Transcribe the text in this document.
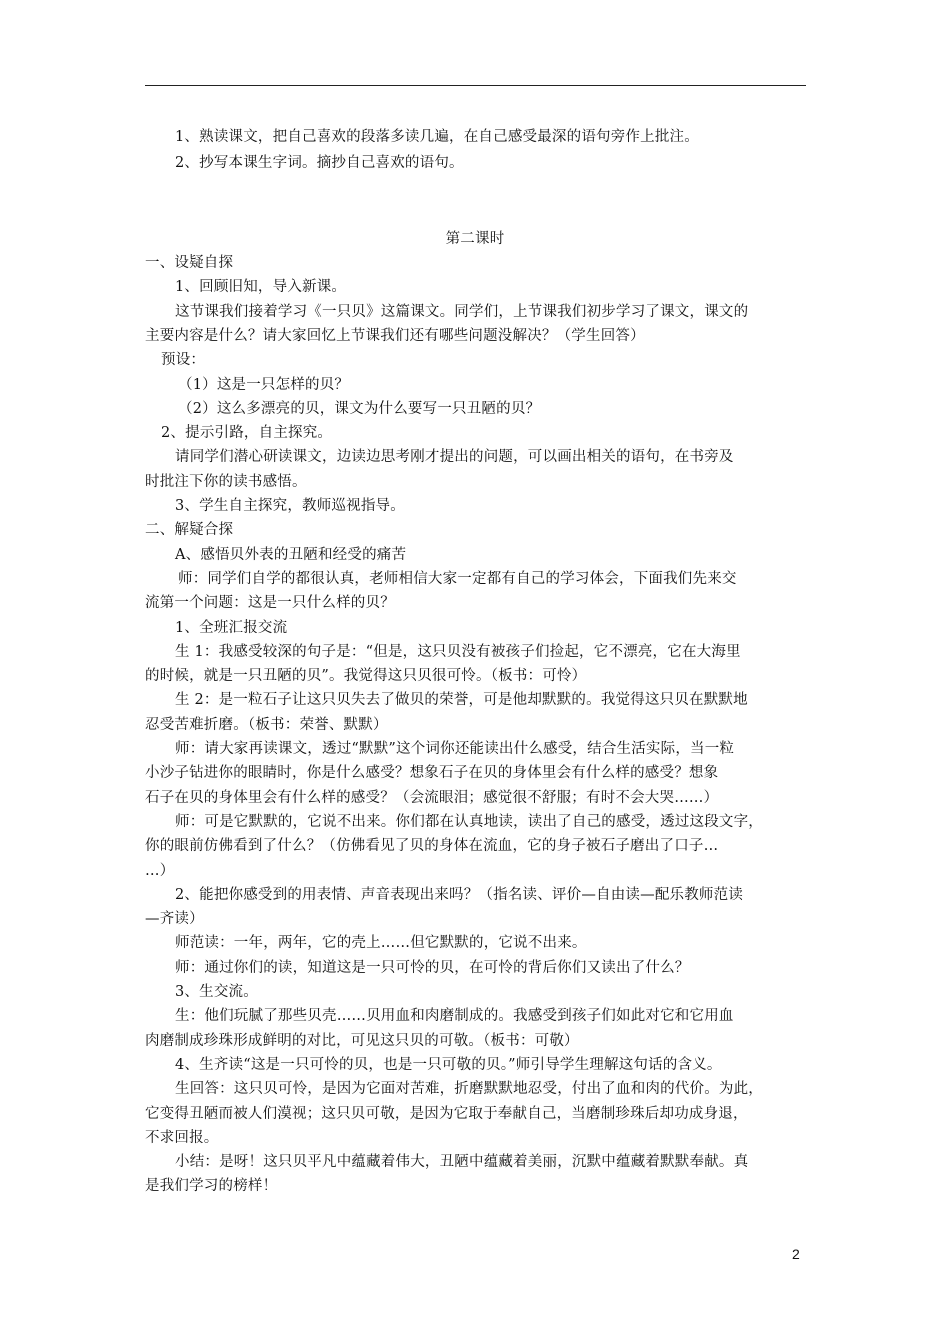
1、熟读课文，把自己喜欢的段落多读几遍，在自己感受最深的语句旁作上批注。
2、抄写本课生字词。摘抄自己喜欢的语句。
第二课时
一、设疑自探
1、回顾旧知，导入新课。
这节课我们接着学习《一只贝》这篇课文。同学们，上节课我们初步学习了课文，课文的
主要内容是什么？请大家回忆上节课我们还有哪些问题没解决？（学生回答）
预设：
（1）这是一只怎样的贝？
（2）这么多漂亮的贝，课文为什么要写一只丑陋的贝？
2、提示引路，自主探究。
请同学们潜心研读课文，边读边思考刚才提出的问题，可以画出相关的语句，在书旁及
时批注下你的读书感悟。
3、学生自主探究，教师巡视指导。
二、解疑合探
A、感悟贝外表的丑陋和经受的痛苦
师：同学们自学的都很认真，老师相信大家一定都有自己的学习体会，下面我们先来交
流第一个问题：这是一只什么样的贝？
1、全班汇报交流
生 1：我感受较深的句子是：“但是，这只贝没有被孩子们捡起，它不漂亮，它在大海里
的时候，就是一只丑陋的贝”。我觉得这只贝很可怜。（板书：可怜）
生 2：是一粒石子让这只贝失去了做贝的荣誉，可是他却默默的。我觉得这只贝在默默地
忍受苦难折磨。（板书：荣誉、默默）
师：请大家再读课文，透过“默默”这个词你还能读出什么感受，结合生活实际，当一粒
小沙子钻进你的眼睛时，你是什么感受？想象石子在贝的身体里会有什么样的感受？想象
石子在贝的身体里会有什么样的感受？（会流眼泪；感觉很不舒服；有时不会大哭……）
师：可是它默默的，它说不出来。你们都在认真地读，读出了自己的感受，透过这段文字，
你的眼前仿佛看到了什么？（仿佛看见了贝的身体在流血，它的身子被石子磨出了口子…
…）
2、能把你感受到的用表情、声音表现出来吗？（指名读、评价—自由读—配乐教师范读
—齐读）
师范读：一年，两年，它的壳上……但它默默的，它说不出来。
师：通过你们的读，知道这是一只可怜的贝，在可怜的背后你们又读出了什么？
3、生交流。
生：他们玩腻了那些贝壳……贝用血和肉磨制成的。我感受到孩子们如此对它和它用血
肉磨制成珍珠形成鲜明的对比，可见这只贝的可敬。（板书：可敬）
4、生齐读“这是一只可怜的贝，也是一只可敬的贝。”师引导学生理解这句话的含义。
生回答：这只贝可怜，是因为它面对苦难，折磨默默地忍受，付出了血和肉的代价。为此，
它变得丑陋而被人们漠视；这只贝可敬，是因为它取于奉献自己，当磨制珍珠后却功成身退，
不求回报。
小结：是呀！这只贝平凡中蕴藏着伟大，丑陋中蕴藏着美丽，沉默中蕴藏着默默奉献。真
是我们学习的榜样！
2
